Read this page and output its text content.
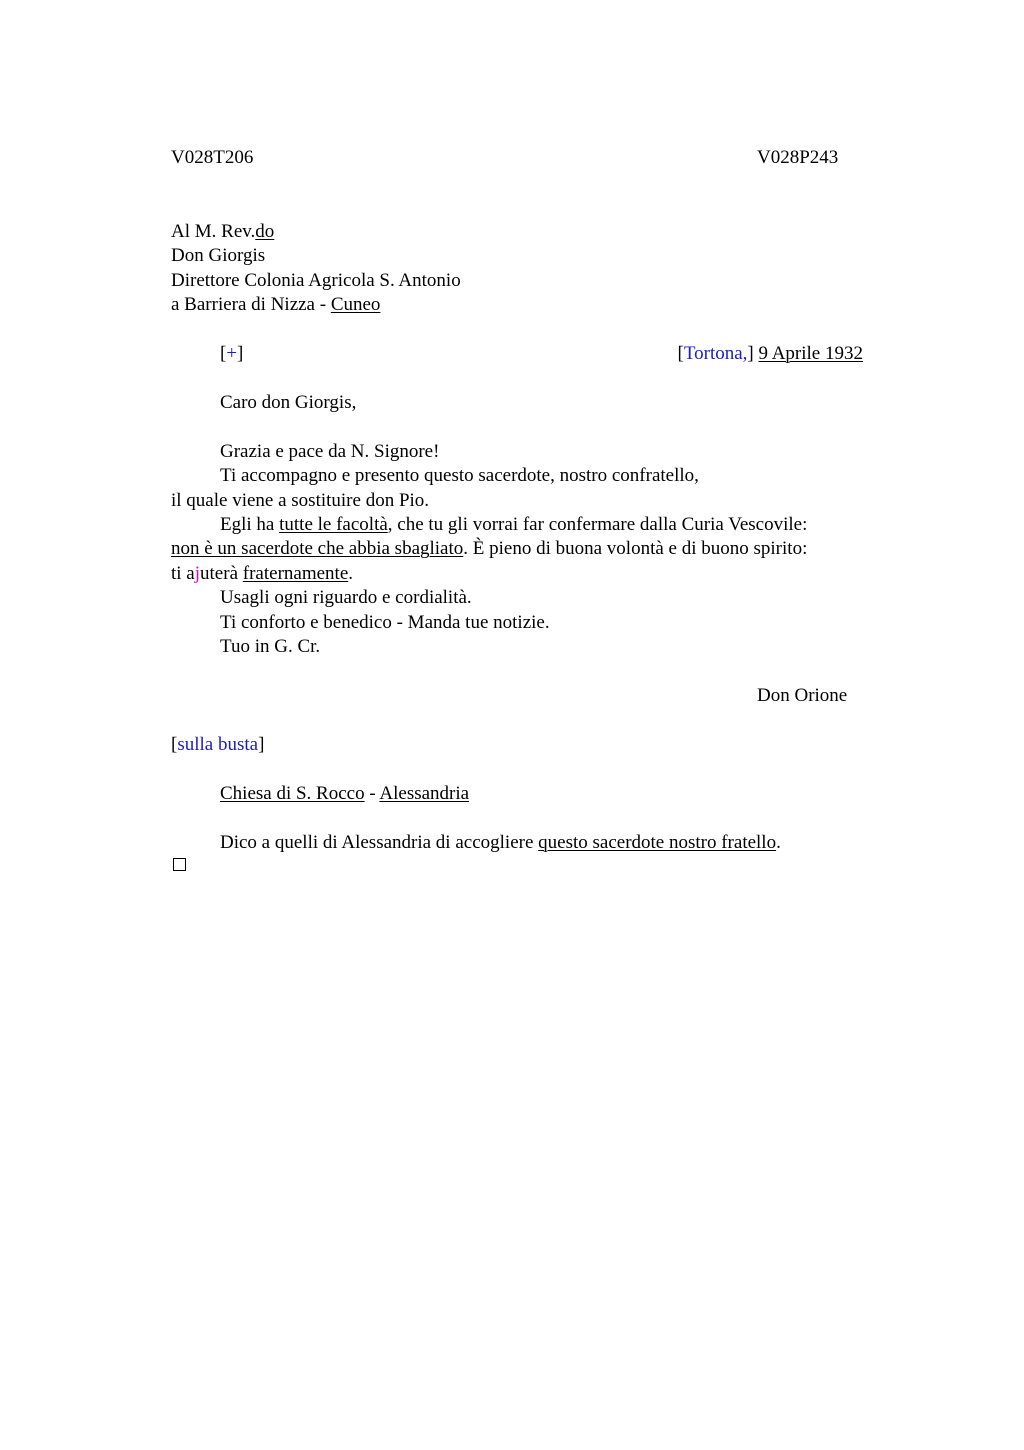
V028T206	V028P243
Al M. Rev.do
Don Giorgis
Direttore Colonia Agricola S. Antonio
a Barriera di Nizza - Cuneo
[+]	[Tortona,] 9 Aprile 1932
Caro don Giorgis,
Grazia e pace da N. Signore!
Ti accompagno e presento questo sacerdote, nostro confratello,
il quale viene a sostituire don Pio.
Egli ha tutte le facoltà, che tu gli vorrai far confermare dalla Curia Vescovile:
non è un sacerdote che abbia sbagliato. È pieno di buona volontà e di buono spirito:
ti ajuterà fraternamente.
Usagli ogni riguardo e cordialità.
Ti conforto e benedico - Manda tue notizie.
Tuo in G. Cr.
Don Orione
[sulla busta]
Chiesa di S. Rocco - Alessandria
Dico a quelli di Alessandria di accogliere questo sacerdote nostro fratello.
